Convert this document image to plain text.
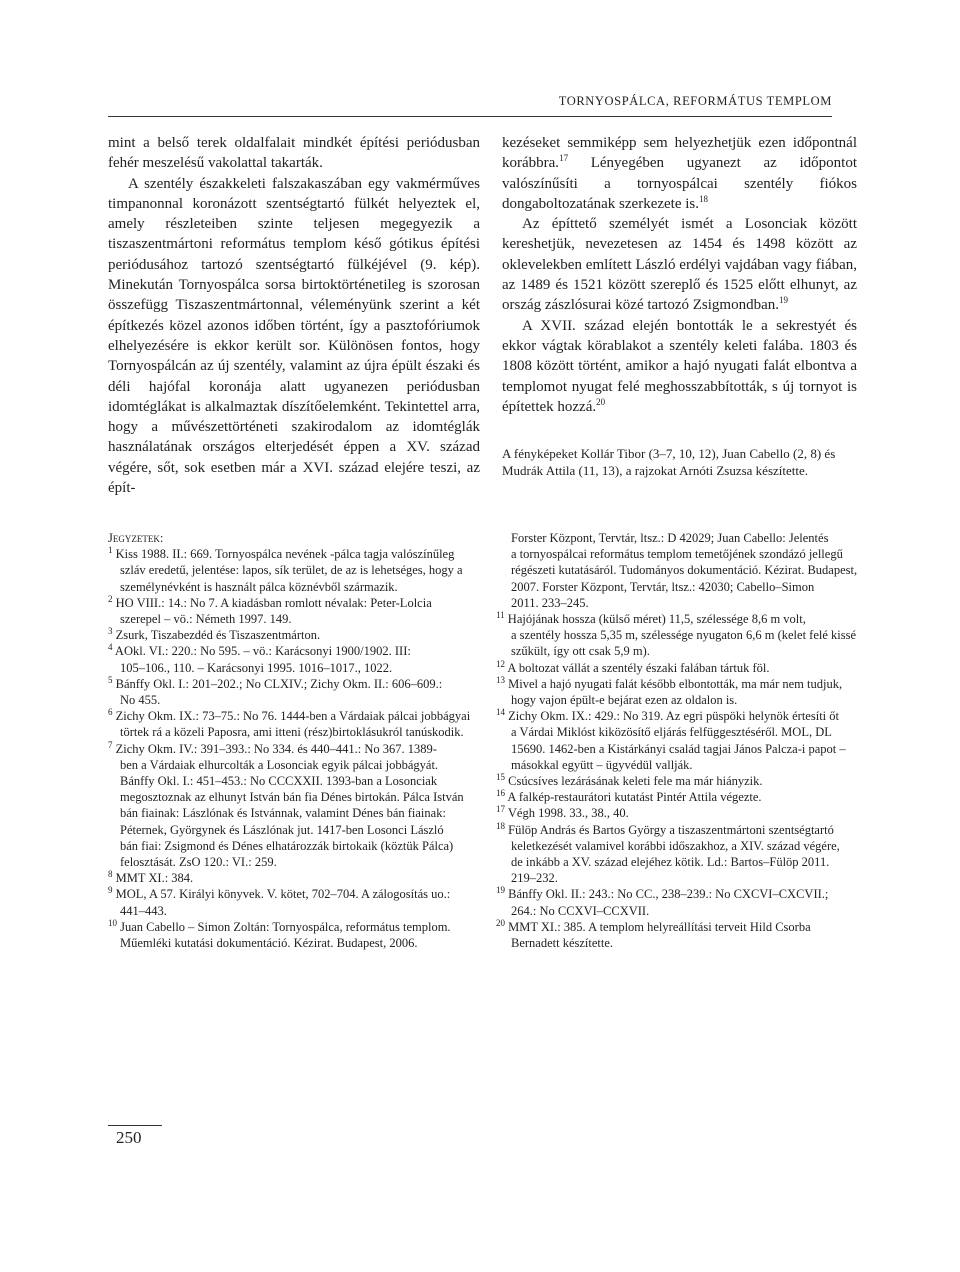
TORNYOSPÁLCA, REFORMÁTUS TEMPLOM

mint a belső terek oldalfalait mindkét építési periódusban fehér meszelésű vakolattal takarták.

A szentély északkeleti falszakaszában egy vakmérműves timpanonnal koronázott szentségtartó fülkét helyeztek el, amely részleteiben szinte teljesen megegyezik a tiszaszentmártoni református templom késő gótikus építési periódusához tartozó szentségtartó fülkéjével (9. kép). Minekután Tornyospálca sorsa birtoktörténetileg is szorosan összefügg Tiszaszentmártonnal, véleményünk szerint a két építkezés közel azonos időben történt, így a pasztofóriumok elhelyezésére is ekkor került sor. Különösen fontos, hogy Tornyospálcán az új szentély, valamint az újra épült északi és déli hajófal koronája alatt ugyanezen periódusban idomtéglákat is alkalmaztak díszítőelemként. Tekintettel arra, hogy a művészettörténeti szakirodalom az idomtéglák használatának országos elterjedését éppen a XV. század végére, sőt, sok esetben már a XVI. század elejére teszi, az épít-

kezéseket semmiképp sem helyezhetjük ezen időpontnál korábbra.$^{17}$ Lényegében ugyanezt az időpontot valószínűsíti a tornyospálcai szentély fiókos dongaboltozatának szerkezete is.$^{18}$

Az építtető személyét ismét a Losonciak között kereshetjük, nevezetesen az 1454 és 1498 között az oklevelekben említett László erdélyi vajdában vagy fiában, az 1489 és 1521 között szereplő és 1525 előtt elhunyt, az ország zászlósurai közé tartozó Zsigmondban.$^{19}$

A XVII. század elején bontották le a sekrestyét és ekkor vágtak körablakot a szentély keleti falába. 1803 és 1808 között történt, amikor a hajó nyugati falát elbontva a templomot nyugat felé meghosszabbították, s új tornyot is építettek hozzá.$^{20}$

A fényképeket Kollár Tibor (3–7, 10, 12), Juan Cabello (2, 8) és Mudrák Attila (11, 13), a rajzokat Arnóti Zsuzsa készítette.

Jegyzetek:

$^1$ Kiss 1988. II.: 669. Tornyospálca nevének -pálca tagja valószínűleg

szláv eredetű, jelentése: lapos, sík terület, de az is lehetséges, hogy a

személynévként is használt pálca köznévből származik.

$^2$ HO VIII.: 14.: No 7. A kiadásban romlott névalak: Peter-Lolcia

szerepel – vö.: Németh 1997. 149.

$^3$ Zsurk, Tiszabezdéd és Tiszaszentmárton.

$^4$ AOkl. VI.: 220.: No 595. – vö.: Karácsonyi 1900/1902. III:

105–106., 110. – Karácsonyi 1995. 1016–1017., 1022.

$^5$ Bánffy Okl. I.: 201–202.; No CLXIV.; Zichy Okm. II.: 606–609.:

No 455.

$^6$ Zichy Okm. IX.: 73–75.: No 76. 1444-ben a Várdaiak pálcai jobbágyai

törtek rá a közeli Paposra, ami itteni (rész)birtoklásukról tanúskodik.

$^7$ Zichy Okm. IV.: 391–393.: No 334. és 440–441.: No 367. 1389-

ben a Várdaiak elhurcolták a Losonciak egyik pálcai jobbágyát.

Bánffy Okl. I.: 451–453.: No CCCXXII. 1393-ban a Losonciak

megosztoznak az elhunyt István bán fia Dénes birtokán. Pálca István

bán fiainak: Lászlónak és Istvánnak, valamint Dénes bán fiainak:

Péternek, Györgynek és Lászlónak jut. 1417-ben Losonci László

bán fiai: Zsigmond és Dénes elhatározzák birtokaik (köztük Pálca)

felosztását. ZsO 120.: VI.: 259.

$^8$ MMT XI.: 384.

$^9$ MOL, A 57. Királyi könyvek. V. kötet, 702–704. A zálogosítás uo.:

441–443.

$^{10}$ Juan Cabello – Simon Zoltán: Tornyospálca, református templom.

Műemléki kutatási dokumentáció. Kézirat. Budapest, 2006.

Forster Központ, Tervtár, ltsz.: D 42029; Juan Cabello: Jelentés

a tornyospálcai református templom temetőjének szondázó jellegű

régészeti kutatásáról. Tudományos dokumentáció. Kézirat. Budapest,

2007. Forster Központ, Tervtár, ltsz.: 42030; Cabello–Simon

2011. 233–245.

$^{11}$ Hajójának hossza (külső méret) 11,5, szélessége 8,6 m volt,

a szentély hossza 5,35 m, szélessége nyugaton 6,6 m (kelet felé kissé

szűkült, így ott csak 5,9 m).

$^{12}$ A boltozat vállát a szentély északi falában tártuk föl.

$^{13}$ Mivel a hajó nyugati falát később elbontották, ma már nem tudjuk,

hogy vajon épült-e bejárat ezen az oldalon is.

$^{14}$ Zichy Okm. IX.: 429.: No 319. Az egri püspöki helynök értesíti őt

a Várdai Miklóst kiközösítő eljárás felfüggesztéséről. MOL, DL

15690. 1462-ben a Kistárkányi család tagjai János Palcza-i papot –

másokkal együtt – ügyvédül vallják.

$^{15}$ Csúcsíves lezárásának keleti fele ma már hiányzik.

$^{16}$ A falkép-restaurátori kutatást Pintér Attila végezte.

$^{17}$ Végh 1998. 33., 38., 40.

$^{18}$ Fülöp András és Bartos György a tiszaszentmártoni szentségtartó

keletkezését valamivel korábbi időszakhoz, a XIV. század végére,

de inkább a XV. század elejéhez kötik. Ld.: Bartos–Fülöp 2011.

219–232.

$^{19}$ Bánffy Okl. II.: 243.: No CC., 238–239.: No CXCVI–CXCVII.;

264.: No CCXVI–CCXVII.

$^{20}$ MMT XI.: 385. A templom helyreállítási terveit Hild Csorba

Bernadett készítette.

250
